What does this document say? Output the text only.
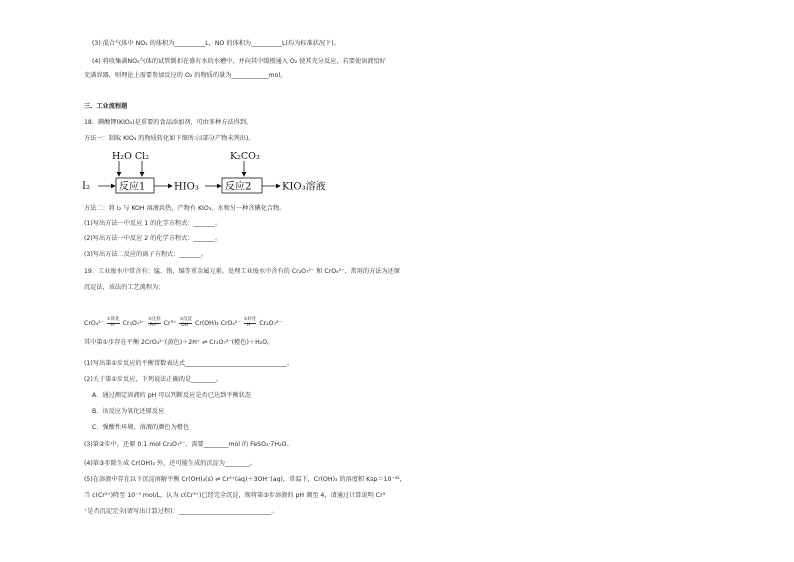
(3) 混合气体中 NO₂ 的体积为__________L，NO 的体积为__________L(均为标准状况下)。
(4) 将收集满NO₂气体的试管倒扣在盛有水的水槽中，并向其中缓慢通入 O₂ 使其充分反应，若要使溶液恰好
充满容器，则理论上需要参加反应的 O₂ 的物质的量为____________mol。
三、工业流程题
18．碘酸钾(KIO₃)是重要的食品添加剂，可由多种方法得到。
方法一：制取 KIO₃ 的物质转化如下图所示(部分产物未列出)。
H₂O Cl₂
I₂	反应1	HIO₃
K₂CO₃
反应2	KIO₃溶液
方法二：将 I₂ 与 KOH 溶液共热，产物有 KIO₃、水和另一种含碘化合物。
(1)写出方法一中反应 1 的化学方程式：_______。
(2)写出方法一中反应 2 的化学方程式：_______。
(3)写出方法二反应的离子方程式：_______。
19．工业废水中常含有：锰、铬、镉等重金属元素。处理工业废水中含有的 Cr₂O₇²⁻ 和 CrO₄²⁻，常用的方法为还原
沉淀法，该法的工艺流程为：
$CrO_4^{2-} \frac{\text{①转化}}{H^+} Cr_2O_7^{2-} \frac{\text{②还原}}{\text{Fe²⁺}} Cr^{3+} \frac{\text{③沉淀}}{OH^-} Cr(OH)_3$ $CrO_4^{2-} \frac{\text{①转化}}{H^+} Cr_2O_7^{2-}$
其中第①步存在平衡 2CrO₄²⁻(黄色)＋2H⁺ ⇌ Cr₂O₇²⁻(橙色)＋H₂O。
(1)写出第①步反应的平衡常数表达式_________________________________。
(2)关于第①步反应，下列说法正确的是________。
A．通过测定溶液的 pH 可以判断反应是否已达到平衡状态
B．该反应为氧化还原反应
C．强酸性环境，溶液的颜色为橙色
(3)第②步中，还原 0.1 mol Cr₂O₇²⁻，需要________mol 的 FeSO₄·7H₂O。
(4)第③步除生成 Cr(OH)₃ 外，还可能生成的沉淀为________。
(5)在溶液中存在以下沉淀溶解平衡 Cr(OH)₃(s) ⇌ Cr³⁺(aq)＋3OH⁻(aq)，常温下，Cr(OH)₃ 的溶度积 Ksp＝10⁻³²，
当 c(Cr³⁺)降至 10⁻⁵ mol/L，认为 c(Cr³⁺)已经完全沉淀，现将第③步溶液的 pH 调至 4，请通过计算说明 Cr³
⁺是否沉淀完全(请写出计算过程)：______________________________。
